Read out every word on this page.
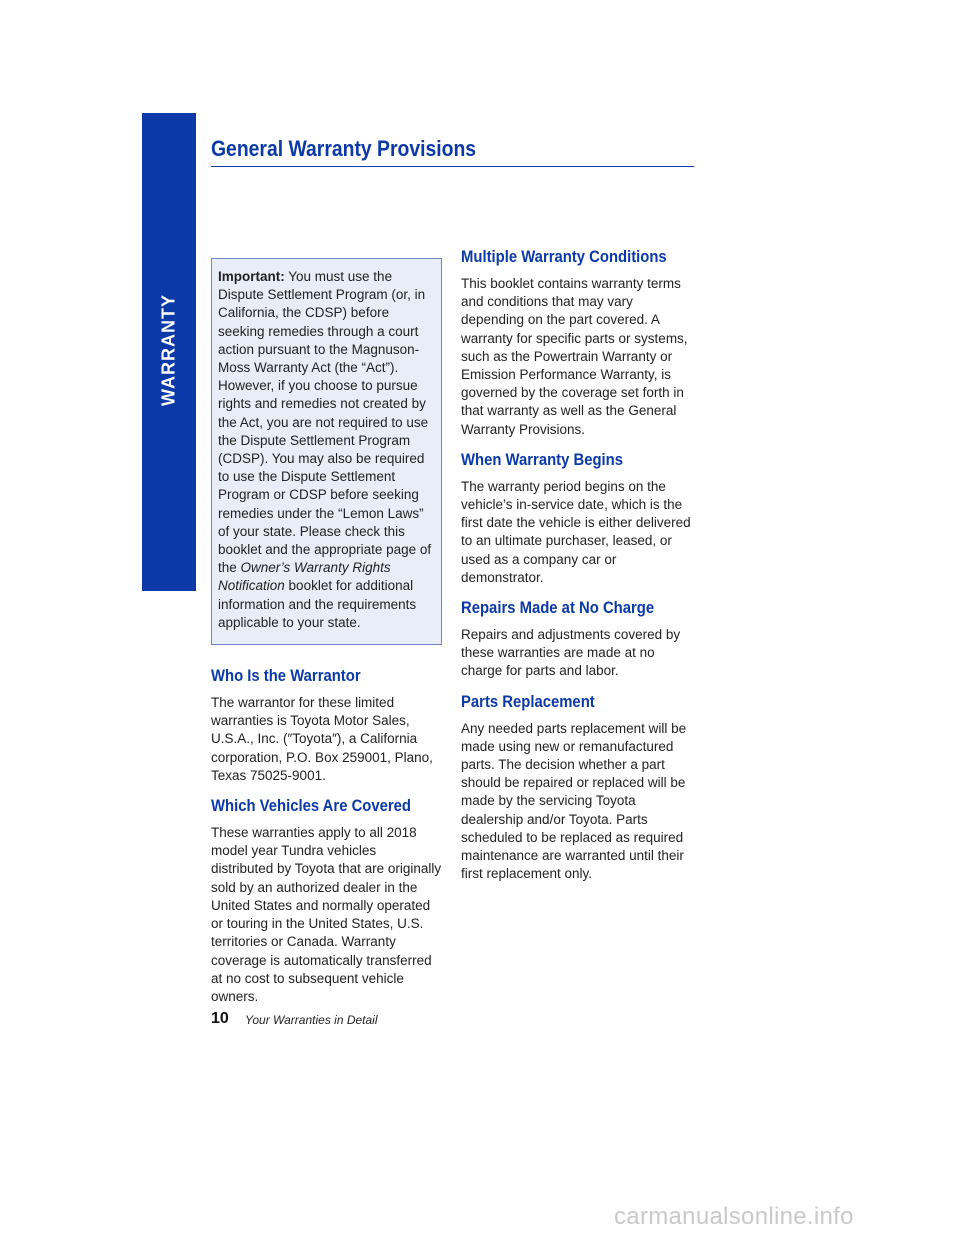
WARRANTY
General Warranty Provisions
Important: You must use the Dispute Settlement Program (or, in California, the CDSP) before seeking remedies through a court action pursuant to the Magnuson-Moss Warranty Act (the “Act”). However, if you choose to pursue rights and remedies not created by the Act, you are not required to use the Dispute Settlement Program (CDSP). You may also be required to use the Dispute Settlement Program or CDSP before seeking remedies under the “Lemon Laws” of your state. Please check this booklet and the appropriate page of the Owner’s Warranty Rights Notification booklet for additional information and the requirements applicable to your state.
Who Is the Warrantor

The warrantor for these limited warranties is Toyota Motor Sales, U.S.A., Inc. (″Toyota″), a California corporation, P.O. Box 259001, Plano, Texas 75025-9001.

Which Vehicles Are Covered

These warranties apply to all 2018 model year Tundra vehicles distributed by Toyota that are originally sold by an authorized dealer in the United States and normally operated or touring in the United States, U.S. territories or Canada. Warranty coverage is automatically transferred at no cost to subsequent vehicle owners.

Multiple Warranty Conditions

This booklet contains warranty terms and conditions that may vary depending on the part covered. A warranty for specific parts or systems, such as the Powertrain Warranty or Emission Performance Warranty, is governed by the coverage set forth in that warranty as well as the General Warranty Provisions.

When Warranty Begins

The warranty period begins on the vehicle’s in-service date, which is the first date the vehicle is either delivered to an ultimate purchaser, leased, or used as a company car or demonstrator.

Repairs Made at No Charge

Repairs and adjustments covered by these warranties are made at no charge for parts and labor.

Parts Replacement

Any needed parts replacement will be made using new or remanufactured parts. The decision whether a part should be repaired or replaced will be made by the servicing Toyota dealership and/or Toyota. Parts scheduled to be replaced as required maintenance are warranted until their first replacement only.

10 Your Warranties in Detail
carmanualsonline.info
